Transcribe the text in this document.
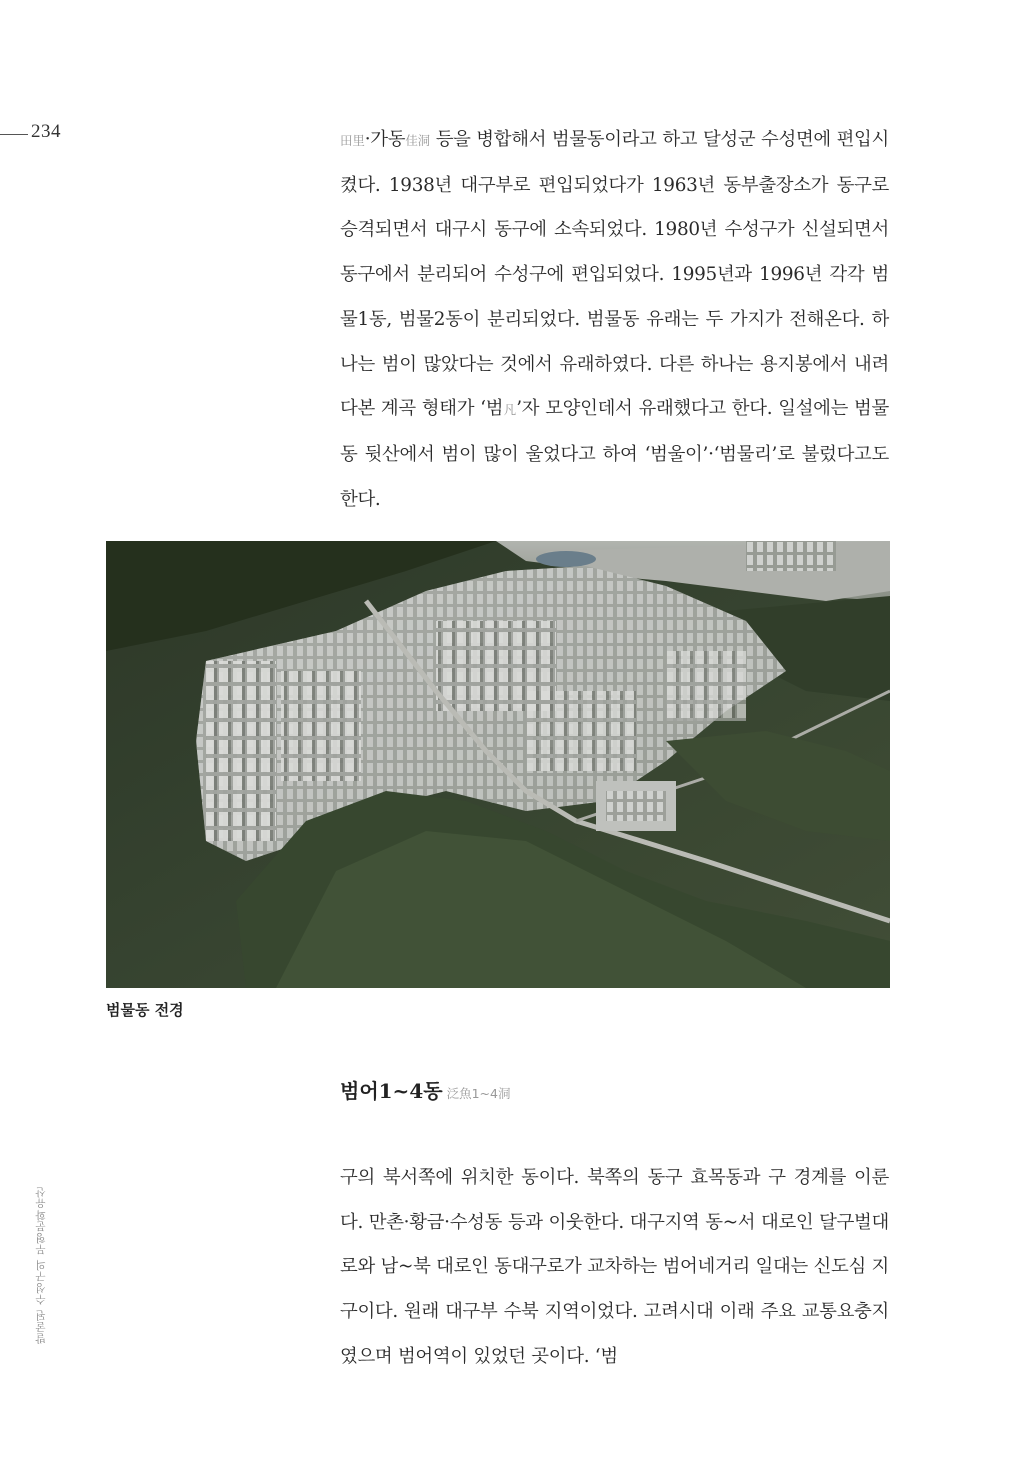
234	田里·가동佳洞 등을 병합해서 범물동이라고 하고 달성군 수성면에 편입시켰다. 1938년 대구부로 편입되었다가 1963년 동부출장소가 동구로 승격되면서 대구시 동구에 소속되었다. 1980년 수성구가 신설되면서 동구에서 분리되어 수성구에 편입되었다. 1995년과 1996년 각각 범물1동, 범물2동이 분리되었다. 범물동 유래는 두 가지가 전해온다. 하나는 범이 많았다는 것에서 유래하였다. 다른 하나는 용지봉에서 내려다본 계곡 형태가 ‘범凡’자 모양인데서 유래했다고 한다. 일설에는 범물동 뒷산에서 범이 많이 울었다고 하여 ‘범울이’·‘범물리’로 불렀다고도 한다.

범물동 전경
범어1~4동 泛魚1~4洞

구의 북서쪽에 위치한 동이다. 북쪽의 동구 효목동과 구 경계를 이룬다. 만촌·황금·수성동 등과 이웃한다. 대구지역 동~서 대로인 달구벌대로와 남~북 대로인 동대구로가 교차하는 범어네거리 일대는 신도심 지구이다. 원래 대구부 수북 지역이었다. 고려시대 이래 주요 교통요충지였으며 범어역이 있었던 곳이다. ‘범

발굴된 수성구의 무형문화유산
